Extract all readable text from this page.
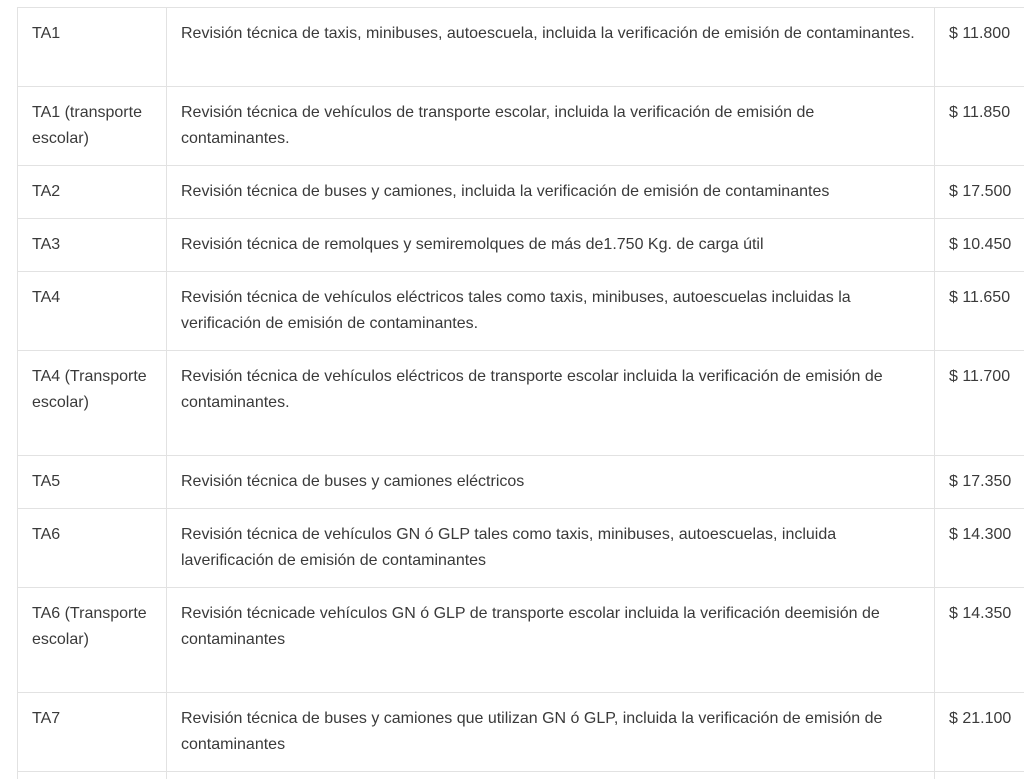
TA1	Revisión técnica de taxis, minibuses, autoescuela, incluida la verificación de emisión de contaminantes.	$ 11.800
TA1 (transporte escolar)	Revisión técnica de vehículos de transporte escolar, incluida la verificación de emisión de contaminantes.	$ 11.850
TA2	Revisión técnica de buses y camiones, incluida la verificación de emisión de contaminantes	$ 17.500
TA3	Revisión técnica de remolques y semiremolques de más de1.750 Kg. de carga útil	$ 10.450
TA4	Revisión técnica de vehículos eléctricos tales como taxis, minibuses, autoescuelas incluidas la verificación de emisión de contaminantes.	$ 11.650
TA4 (Transporte escolar)	Revisión técnica de vehículos eléctricos de transporte escolar incluida la verificación de emisión de contaminantes.	$ 11.700
TA5	Revisión técnica de buses y camiones eléctricos	$ 17.350
TA6	Revisión técnica de vehículos GN ó GLP tales como taxis, minibuses, autoescuelas, incluida laverificación de emisión de contaminantes	$ 14.300
TA6 (Transporte escolar)	Revisión técnicade vehículos GN ó GLP de transporte escolar incluida la verificación deemisión de contaminantes	$ 14.350
TA7	Revisión técnica de buses y camiones que utilizan GN ó GLP, incluida la verificación de emisión de contaminantes	$ 21.100
